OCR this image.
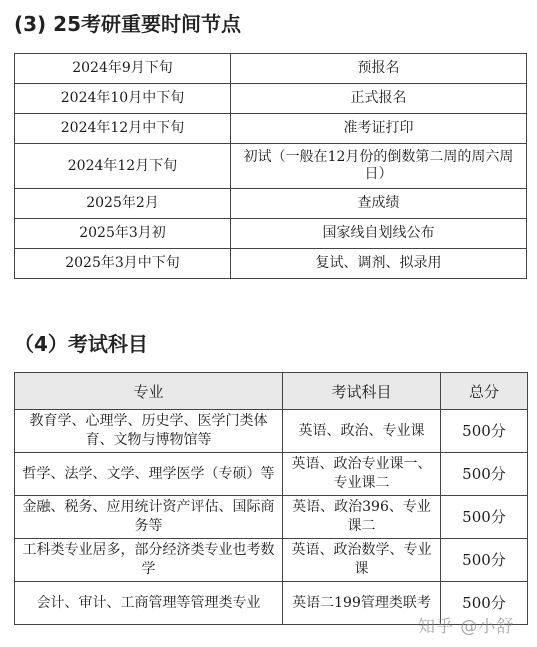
(3) 25考研重要时间节点
2024年9月下旬	预报名
2024年10月中下旬	正式报名
2024年12月中下旬	准考证打印
2024年12月下旬	初试（一般在12月份的倒数第二周的周六周日）
2025年2月	查成绩
2025年3月初	国家线自划线公布
2025年3月中下旬	复试、调剂、拟录用
（4）考试科目
专业	考试科目	总分
教育学、心理学、历史学、医学门类体育、文物与博物馆等	英语、政治、专业课	500分
哲学、法学、文学、理学医学（专硕）等	英语、政治专业课一、专业课二	500分
金融、税务、应用统计资产评估、国际商务等	英语、政治396、专业课二	500分
工科类专业居多，部分经济类专业也考数学	英语、政治数学、专业课	500分
会计、审计、工商管理等管理类专业	英语二199管理类联考	500分
知乎 @小舒
